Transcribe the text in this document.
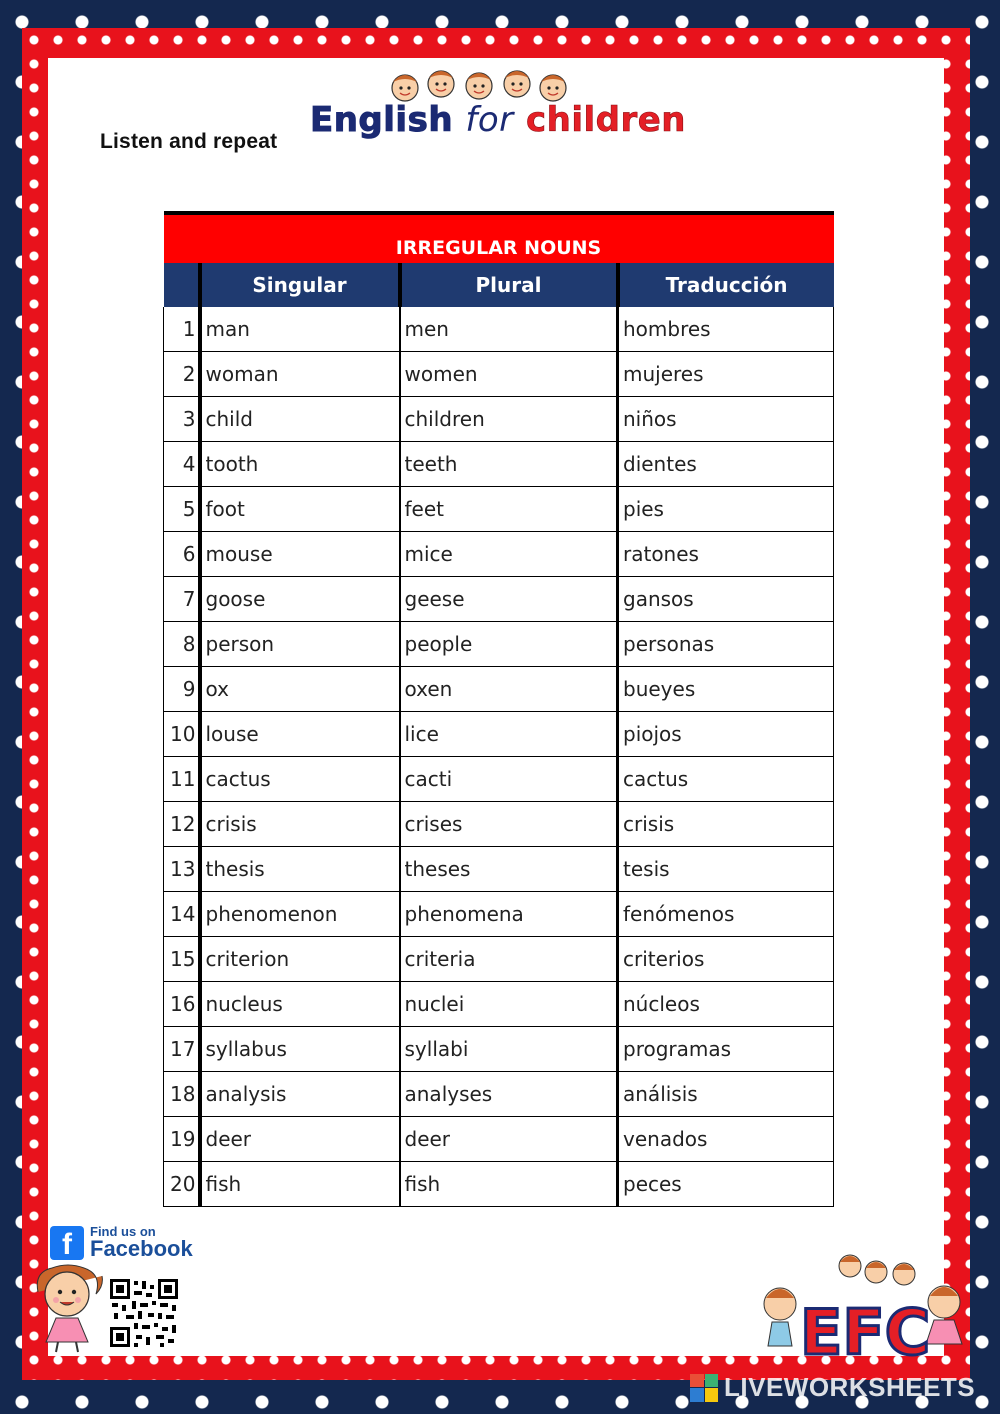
Listen and repeat
English for children
IRREGULAR NOUNS			
	Singular	Plural	Traducción
1	man	men	hombres
2	woman	women	mujeres
3	child	children	niños
4	tooth	teeth	dientes
5	foot	feet	pies
6	mouse	mice	ratones
7	goose	geese	gansos
8	person	people	personas
9	ox	oxen	bueyes
10	louse	lice	piojos
11	cactus	cacti	cactus
12	crisis	crises	crisis
13	thesis	theses	tesis
14	phenomenon	phenomena	fenómenos
15	criterion	criteria	criterios
16	nucleus	nuclei	núcleos
17	syllabus	syllabi	programas
18	analysis	analyses	análisis
19	deer	deer	venados
20	fish	fish	peces
f	Find us on
Facebook
EFC
LIVEWORKSHEETS
